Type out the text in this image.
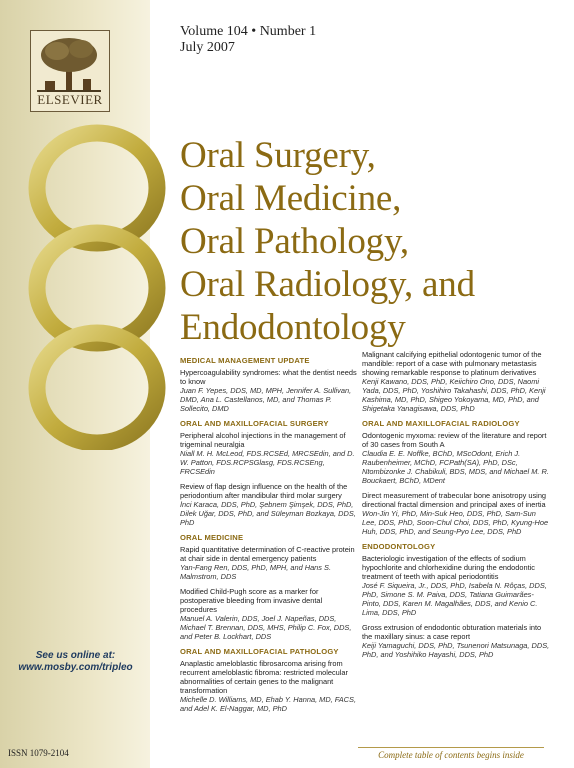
ELSEVIER
Volume 104 • Number 1
July 2007
Oral Surgery,
Oral Medicine,
Oral Pathology,
Oral Radiology, and
Endodontology
MEDICAL MANAGEMENT UPDATE
Hypercoagulability syndromes: what the dentist needs to know
Juan F. Yepes, DDS, MD, MPH, Jennifer A. Sullivan, DMD, Ana L. Castellanos, MD, and Thomas P. Sollecito, DMD
ORAL AND MAXILLOFACIAL SURGERY
Peripheral alcohol injections in the management of trigeminal neuralgia
Niall M. H. McLeod, FDS.RCSEd, MRCSEdin, and D. W. Patton, FDS.RCPSGlasg, FDS.RCSEng, FRCSEdin
Review of flap design influence on the health of the periodontium after mandibular third molar surgery
İnci Karaca, DDS, PhD, Şebnem Şimşek, DDS, PhD, Dilek Uğar, DDS, PhD, and Süleyman Bozkaya, DDS, PhD
ORAL MEDICINE
Rapid quantitative determination of C-reactive protein at chair side in dental emergency patients
Yan-Fang Ren, DDS, PhD, MPH, and Hans S. Malmstrom, DDS
Modified Child-Pugh score as a marker for postoperative bleeding from invasive dental procedures
Manuel A. Valerin, DDS, Joel J. Napeñas, DDS, Michael T. Brennan, DDS, MHS, Philip C. Fox, DDS, and Peter B. Lockhart, DDS
ORAL AND MAXILLOFACIAL PATHOLOGY
Anaplastic ameloblastic fibrosarcoma arising from recurrent ameloblastic fibroma: restricted molecular abnormalities of certain genes to the malignant transformation
Michelle D. Williams, MD, Ehab Y. Hanna, MD, FACS, and Adel K. El-Naggar, MD, PhD
Malignant calcifying epithelial odontogenic tumor of the mandible: report of a case with pulmonary metastasis showing remarkable response to platinum derivatives
Kenji Kawano, DDS, PhD, Keiichiro Ono, DDS, Naomi Yada, DDS, PhD, Yoshihiro Takahashi, DDS, PhD, Kenji Kashima, MD, PhD, Shigeo Yokoyama, MD, PhD, and Shigetaka Yanagisawa, DDS, PhD
ORAL AND MAXILLOFACIAL RADIOLOGY
Odontogenic myxoma: review of the literature and report of 30 cases from South A
Claudia E. E. Noffke, BChD, MScOdont, Erich J. Raubenheimer, MChD, FCPath(SA), PhD, DSc, Ntombizonke J. Chabikuli, BDS, MDS, and Michael M. R. Bouckaert, BChD, MDent
Direct measurement of trabecular bone anisotropy using directional fractal dimension and principal axes of inertia
Won-Jin Yi, PhD, Min-Suk Heo, DDS, PhD, Sam-Sun Lee, DDS, PhD, Soon-Chul Choi, DDS, PhD, Kyung-Hoe Huh, DDS, PhD, and Seung-Pyo Lee, DDS, PhD
ENDODONTOLOGY
Bacteriologic investigation of the effects of sodium hypochlorite and chlorhexidine during the endodontic treatment of teeth with apical periodontitis
José F. Siqueira, Jr., DDS, PhD, Isabela N. Rôças, DDS, PhD, Simone S. M. Paiva, DDS, Tatiana Guimarães-Pinto, DDS, Karen M. Magalhães, DDS, and Kenio C. Lima, DDS, PhD
Gross extrusion of endodontic obturation materials into the maxillary sinus: a case report
Keiji Yamaguchi, DDS, PhD, Tsunenori Matsunaga, DDS, PhD, and Yoshihiko Hayashi, DDS, PhD
See us online at:
www.mosby.com/tripleo
ISSN 1079-2104	Complete table of contents begins inside
